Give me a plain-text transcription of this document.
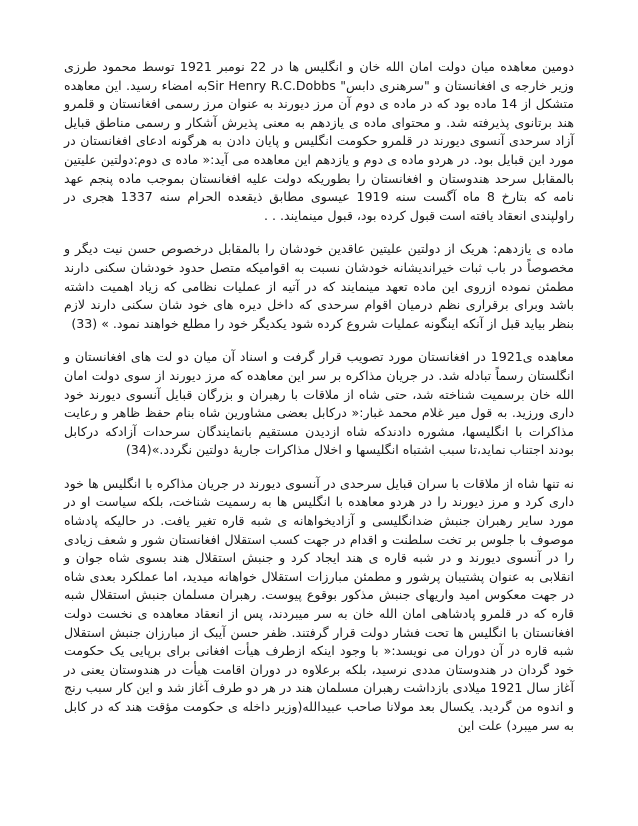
دومین معاهده میان دولت امان الله خان و انگلیس ها در 22 نومبر 1921 توسط محمود طرزی وزیر خارجه ی افغانستان و "سرهنری دابس" Sir Henry R.C.Dobbsبه امضاء رسید. این معاهده متشکل از 14 ماده بود که در ماده ی دوم آن مرز دیورند به عنوان مرز رسمی افغانستان و قلمرو هند برتانوی پذیرفته شد. و محتوای ماده ی یازدهم به معنی پذیرش آشکار و رسمی مناطق قبایل آزاد سرحدی آنسوی دیورند در قلمرو حکومت انگلیس و پایان دادن به هرگونه ادعای افغانستان در مورد این قبایل بود. در هردو ماده ی دوم و یازدهم این معاهده می آید:« ماده ی دوم:دولتین علیتین بالمقابل سرحد هندوستان و افغانستان را بطوریکه دولت علیه افغانستان بموجب ماده پنجم عهد نامه که بتارخ 8 ماه آگست سنه 1919 عیسوی مطابق ذیقعده الحرام سنه 1337 هجری در راولپندی انعقاد یافته است قبول کرده بود، قبول مینمایند. . .

ماده ی یازدهم: هریک از دولتین علیتین عاقدین خودشان را بالمقابل درخصوص حسن نیت دیگر و مخصوصاً در باب ثبات خیراندیشانه خودشان نسبت به اقوامیکه متصل حدود خودشان سکنی دارند مطمئن نموده ازروی این ماده تعهد مینمایند که در آتیه از عملیات نظامی که زیاد اهمیت داشته باشد وبرای برقراری نظم درمیان اقوام سرحدی که داخل دیره های خود شان سکنی دارند لازم بنظر بیاید قبل از آنکه اینگونه عملیات شروع کرده شود یکدیگر خود را مطلع خواهند نمود. » (33)

معاهده ی1921 در افغانستان مورد تصویب قرار گرفت و اسناد آن میان دو لت های افغانستان و انگلستان رسماً تبادله شد. در جریان مذاکره بر سر این معاهده که مرز دیورند از سوی دولت امان الله خان برسمیت شناخته شد، حتی شاه از ملاقات با رهبران و بزرگان قبایل آنسوی دیورند خود داری ورزید. به قول میر غلام محمد غبار:« درکابل بعضی مشاورین شاه بنام حفظ ظاهر و رعایت مذاکرات با انگلیسها، مشوره دادندکه شاه ازدیدن مستقیم بانمایندگان سرحدات آزادکه درکابل بودند اجتناب نماید،تا سبب اشتباه انگلیسها و اخلال مذاکرات جاریهٔ دولتین نگردد.»(34)

نه تنها شاه از ملاقات با سران قبایل سرحدی در آنسوی دیورند در جریان مذاکره با انگلیس ها خود داری کرد و مرز دیورند را در هردو معاهده با انگلیس ها به رسمیت شناخت، بلکه سیاست او در مورد سایر رهبران جنبش ضدانگلیسی و آزادیخواهانه ی شبه قاره تغیر یافت. در حالیکه پادشاه موصوف با جلوس بر تخت سلطنت و اقدام در جهت کسب استقلال افغانستان شور و شعف زیادی را در آنسوی دیورند و در شبه قاره ی هند ایجاد کرد و جنبش استقلال هند بسوی شاه جوان و انقلابی به عنوان پشتیبان پرشور و مطمئن مبارزات استقلال خواهانه میدید، اما عملکرد بعدی شاه در جهت معکوس امید واریهای جنبش مذکور بوقوع پیوست. رهبران مسلمان جنبش استقلال شبه قاره که در قلمرو پادشاهی امان الله خان به سر میبردند، پس از انعقاد معاهده ی نخست دولت افغانستان با انگلیس ها تحت فشار دولت قرار گرفتند. ظفر حسن آیبک از مبارزان جنبش استقلال شبه قاره در آن دوران می نویسد:« با وجود اینکه ازطرف هیأت افغانی برای برپایی یک حکومت خود گردان در هندوستان مددی نرسید، بلکه برعلاوه در دوران اقامت هیأت در هندوستان یعنی در آغاز سال 1921 میلادی بازداشت رهبران مسلمان هند در هر دو طرف آغاز شد و این کار سبب رنج و اندوه من گردید. یکسال بعد مولانا صاحب عبیدالله(وزیر داخله ی حکومت مؤقت هند که در کابل به سر میبرد) علت این
